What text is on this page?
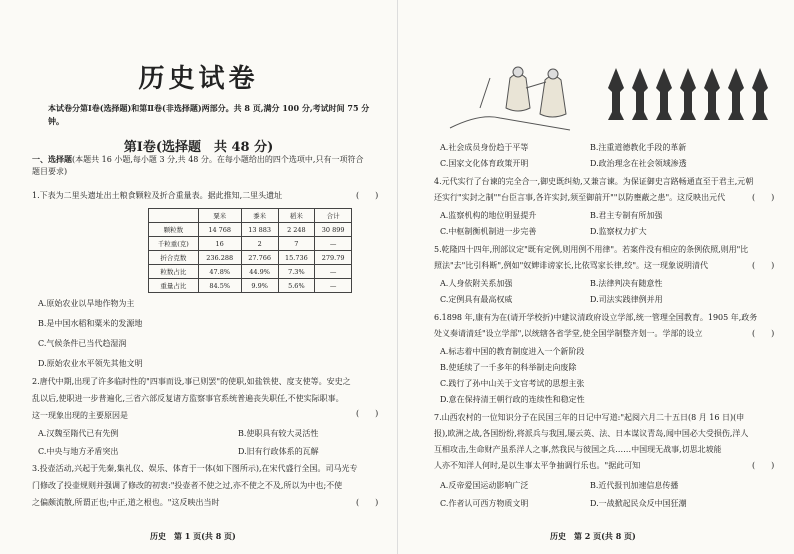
历史试卷
本试卷分第Ⅰ卷(选择题)和第Ⅱ卷(非选择题)两部分。共 8 页,满分 100 分,考试时间 75 分钟。
第Ⅰ卷(选择题　共 48 分)
一、选择题(本题共 16 小题,每小题 3 分,共 48 分。在每小题给出的四个选项中,只有一项符合
题目要求)
1.下表为二里头遗址出土粮食颗粒及折合重量表。据此推知,二里头遗址	(　　)
	粟米	黍米	稻米	合计
颗粒数	14 768	13 883	2 248	30 899
千粒重(克)	16	2	7	—
折合克数	236.288	27.766	15.736	279.79
粒数占比	47.8%	44.9%	7.3%	—
重量占比	84.5%	9.9%	5.6%	—
A.原始农业以旱地作物为主
B.是中国水稻和粟米的发源地
C.气候条件已当代趋湿润
D.原始农业水平领先其他文明
2.唐代中期,出现了许多临时性的"四事而设,事已则罢"的使职,如盐铁使、度支使等。安史之
乱以后,使职进一步普遍化,三省六部反复诸方监察事官系统普遍丧失职任,不使实际职事。
这一现象出现的主要原因是	(　　)
A.汉魏至隋代已有先例	B.使职具有较大灵活性
C.中央与地方矛盾突出	D.旧有行政体系的瓦解
3.投壶活动,兴起于先秦,集礼仪、娱乐、体育于一体(如下图所示),在宋代盛行全国。司马光专
门修改了投壶规则并强调了修改的初衷:"投壶者不使之过,亦不使之不及,所以为中也;不使
之偏颇流散,所谓正也;中正,道之根也。"这反映出当时	(　　)
历史　第 1 页(共 8 页)
A.社会成员身份趋于平等	B.注重道德教化手段的革新
C.国家文化体育政策开明	D.政治理念在社会领域渗透
4.元代实行了台谏的完全合一,御史既纠劾,又兼言谏。为保证御史言路畅通直至于君主,元朝
还实行"实封之制""台臣言事,各许实封,须至御前开""以防壅蔽之患"。这反映出元代	(　　)
A.监察机构的地位明显提升	B.君主专制有所加强
C.中枢制衡机制进一步完善	D.监察权力扩大
5.乾隆四十四年,刑部议定"既有定例,则用例不用律"。若案件没有相应的条例依照,则用"比
照法"去"比引科断",例如"奴婢诽谤家长,比依骂家长律,绞"。这一现象说明清代	(　　)
A.人身依附关系加强	B.法律判决有随意性
C.定例具有最高权威	D.司法实践律例并用
6.1898 年,康有为在(请开学校折)中建议清政府设立学部,统一管理全国教育。1905 年,政务
处义奏请清廷"设立学部",以统辖各省学堂,使全国学制整齐划一。学部的设立	(　　)
A.标志着中国的教育制度进入一个新阶段
B.使延续了一千多年的科举制走向废除
C.践行了孙中山关于文官考试的思想主张
D.意在保持清王朝行政的连续性和稳定性
7.山西农村的一位知识分子在民国三年的日记中写道:"起阅六月二十五日(8 月 16 日)(申
报),欧洲之战,各国纷纷,将派兵与我国,屡云英、法、日本谋议青岛,闻中国必大受损伤,洋人
互相攻击,生命财产虽系洋人之事,然我民与彼国之兵……中国现无战事,切思北坡能
人亦不知洋人何时,是以生事太平争抽调行乐也。"据此可知	(　　)
A.反帝爱国运动影响广泛	B.近代报刊加速信息传播
C.作者认可西方物质文明	D.一战掀起民众反中国狂潮
历史　第 2 页(共 8 页)
